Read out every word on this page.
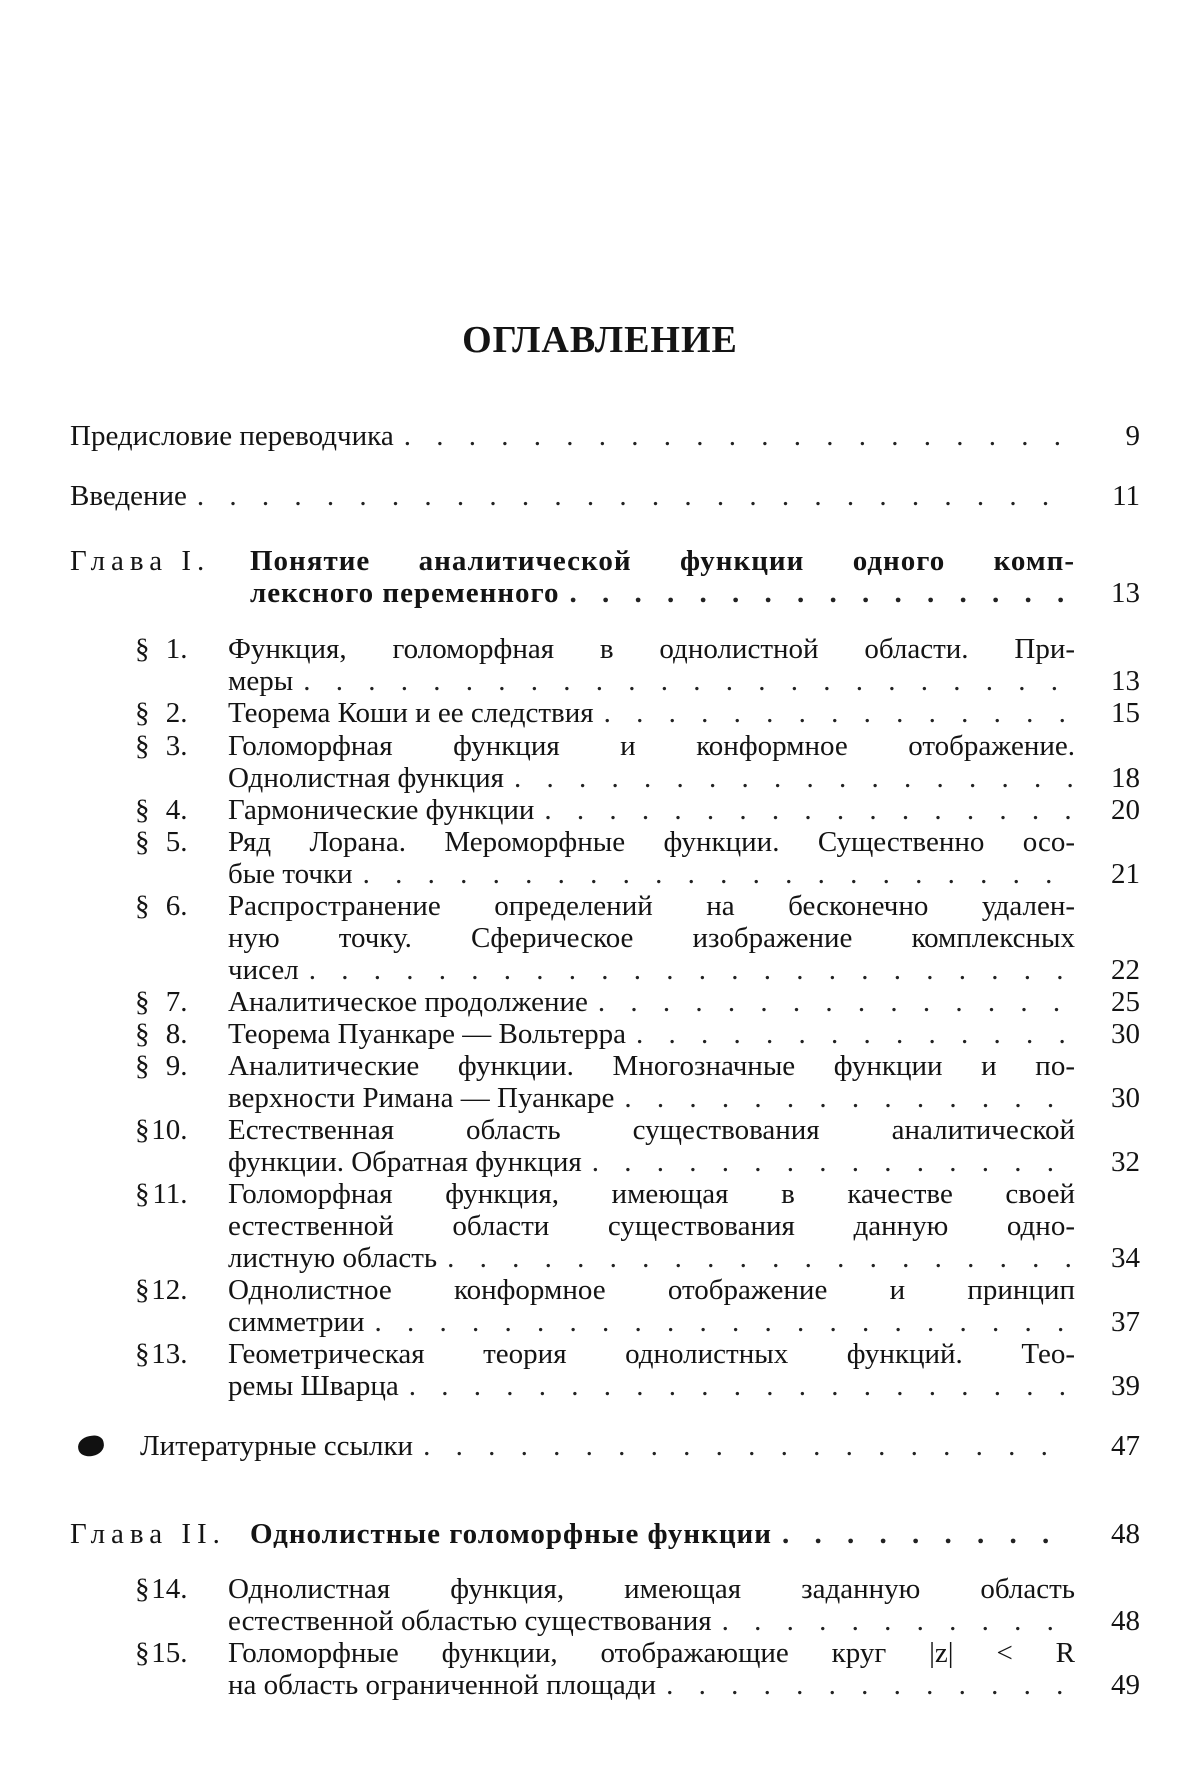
ОГЛАВЛЕНИЕ
Предисловие переводчика . . .	9
Введение . . .	11
Глава I. Понятие аналитической функции одного комп-
лексного переменного . . .	13
§ 1. Функция, голоморфная в однолистной области. При-
меры . . .	13
§ 2. Теорема Коши и ее следствия . . .	15
§ 3. Голоморфная функция и конформное отображение.
Однолистная функция . . .	18
§ 4. Гармонические функции . . .	20
§ 5. Ряд Лорана. Мероморфные функции. Существенно осо-
бые точки . . .	21
§ 6. Распространение определений на бесконечно удален-
ную точку. Сферическое изображение комплексных
чисел . . .	22
§ 7. Аналитическое продолжение . . .	25
§ 8. Теорема Пуанкаре — Вольтерра . . .	30
§ 9. Аналитические функции. Многозначные функции и по-
верхности Римана — Пуанкаре . . .	30
§10. Естественная область существования аналитической
функции. Обратная функция . . .	32
§11. Голоморфная функция, имеющая в качестве своей
естественной области существования данную одно-
листную область . . .	34
§12. Однолистное конформное отображение и принцип
симметрии . . .	37
§13. Геометрическая теория однолистных функций. Тео-
ремы Шварца . . .	39
Литературные ссылки . . .	47
Глава II. Однолистные голоморфные функции . . .	48
§14. Однолистная функция, имеющая заданную область
естественной областью существования . . .	48
§15. Голоморфные функции, отображающие круг |z| < R
на область ограниченной площади . . .	49
